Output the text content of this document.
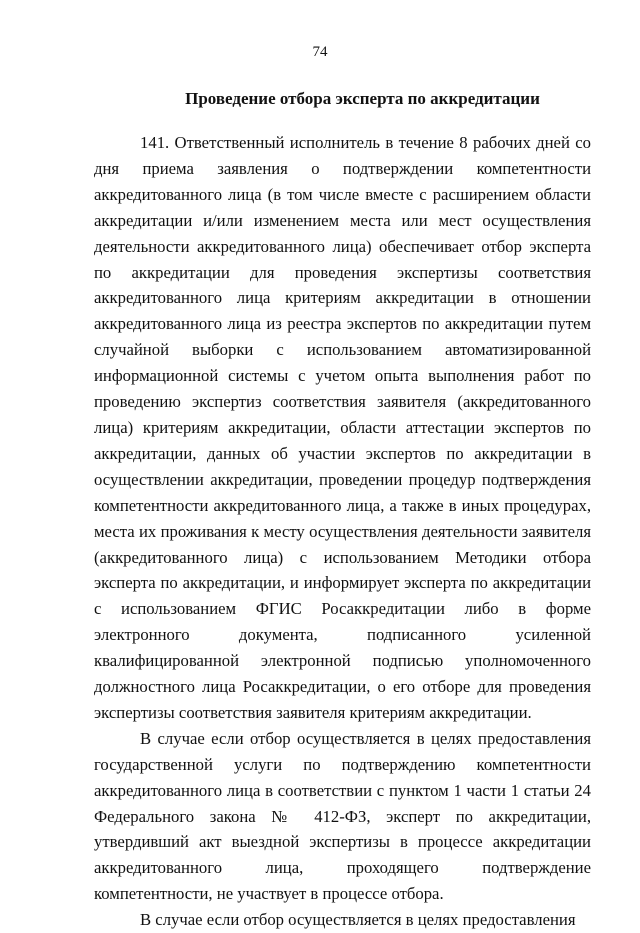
74
Проведение отбора эксперта по аккредитации

141. Ответственный исполнитель в течение 8 рабочих дней со дня приема заявления о подтверждении компетентности аккредитованного лица (в том числе вместе с расширением области аккредитации и/или изменением места или мест осуществления деятельности аккредитованного лица) обеспечивает отбор эксперта по аккредитации для проведения экспертизы соответствия аккредитованного лица критериям аккредитации в отношении аккредитованного лица из реестра экспертов по аккредитации путем случайной выборки с использованием автоматизированной информационной системы с учетом опыта выполнения работ по проведению экспертиз соответствия заявителя (аккредитованного лица) критериям аккредитации, области аттестации экспертов по аккредитации, данных об участии экспертов по аккредитации в осуществлении аккредитации, проведении процедур подтверждения компетентности аккредитованного лица, а также в иных процедурах, места их проживания к месту осуществления деятельности заявителя (аккредитованного лица) с использованием Методики отбора эксперта по аккредитации, и информирует эксперта по аккредитации с использованием ФГИС Росаккредитации либо в форме электронного документа, подписанного усиленной квалифицированной электронной подписью уполномоченного должностного лица Росаккредитации, о его отборе для проведения экспертизы соответствия заявителя критериям аккредитации.

В случае если отбор осуществляется в целях предоставления государственной услуги по подтверждению компетентности аккредитованного лица в соответствии с пунктом 1 части 1 статьи 24 Федерального закона № 412-ФЗ, эксперт по аккредитации, утвердивший акт выездной экспертизы в процессе аккредитации аккредитованного лица, проходящего подтверждение компетентности, не участвует в процессе отбора.

В случае если отбор осуществляется в целях предоставления
